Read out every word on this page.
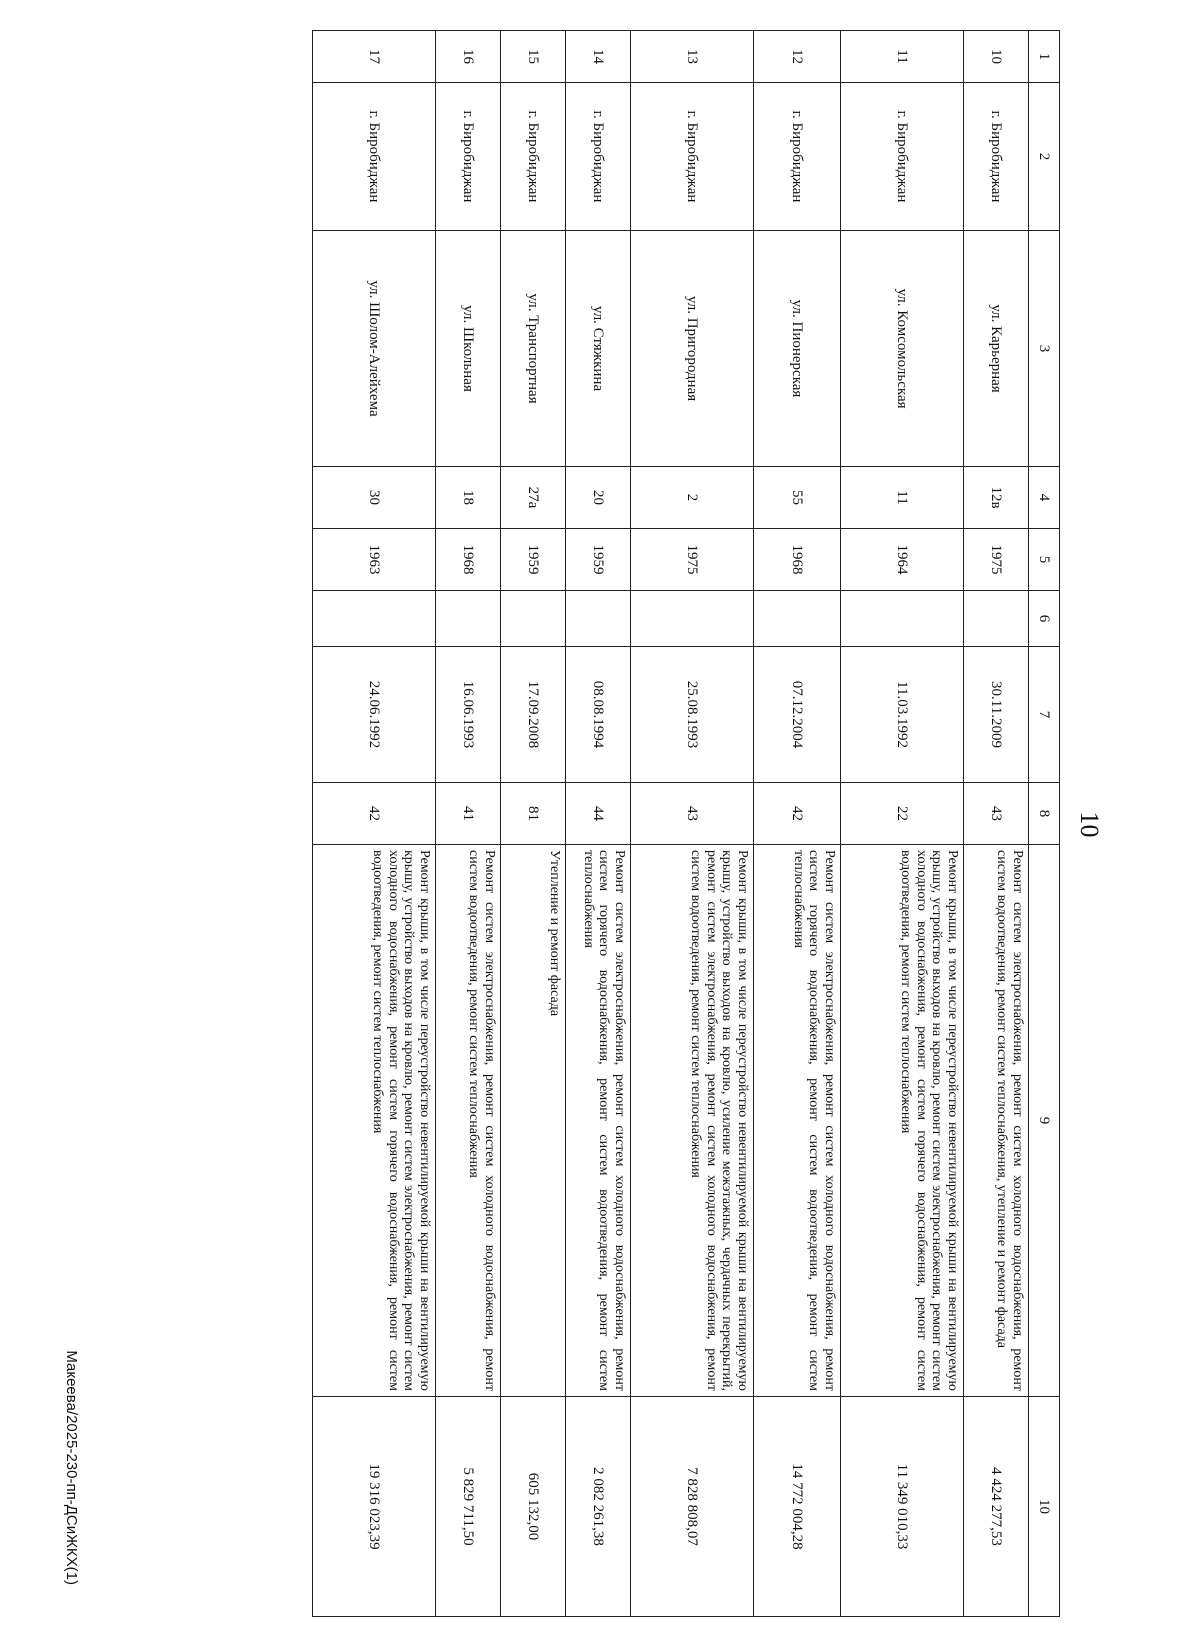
10
1	2	3	4	5	6	7	8	9	10
10	г. Биробиджан	ул. Карьерная	12в	1975		30.11.2009	43	Ремонт систем электроснабжения, ремонт систем холодного водоснабжения, ремонт систем водоотведения, ремонт систем теплоснабжения, утепление и ремонт фасада	4 424 277,53
11	г. Биробиджан	ул. Комсомольская	11	1964		11.03.1992	22	Ремонт крыши, в том числе переустройство невентилируемой крыши на вентилируемую крышу, устройство выходов на кровлю, ремонт систем электроснабжения, ремонт систем холодного водоснабжения, ремонт систем горячего водоснабжения, ремонт систем водоотведения, ремонт систем теплоснабжения	11 349 010,33
12	г. Биробиджан	ул. Пионерская	55	1968		07.12.2004	42	Ремонт систем электроснабжения, ремонт систем холодного водоснабжения, ремонт систем горячего водоснабжения, ремонт систем водоотведения, ремонт систем теплоснабжения	14 772 004,28
13	г. Биробиджан	ул. Пригородная	2	1975		25.08.1993	43	Ремонт крыши, в том числе переустройство невентилируемой крыши на вентилируемую крышу, устройство выходов на кровлю, усиление межэтажных, чердачных перекрытий, ремонт систем электроснабжения, ремонт систем холодного водоснабжения, ремонт систем водоотведения, ремонт систем теплоснабжения	7 828 808,07
14	г. Биробиджан	ул. Стяжкина	20	1959		08.08.1994	44	Ремонт систем электроснабжения, ремонт систем холодного водоснабжения, ремонт систем горячего водоснабжения, ремонт систем водоотведения, ремонт систем теплоснабжения	2 082 261,38
15	г. Биробиджан	ул. Транспортная	27а	1959		17.09.2008	81	Утепление и ремонт фасада	605 132,00
16	г. Биробиджан	ул. Школьная	18	1968		16.06.1993	41	Ремонт систем электроснабжения, ремонт систем холодного водоснабжения, ремонт систем водоотведения, ремонт систем теплоснабжения	5 829 711,50
17	г. Биробиджан	ул. Шолом-Алейхема	30	1963		24.06.1992	42	Ремонт крыши, в том числе переустройство невентилируемой крыши на вентилируемую крышу, устройство выходов на кровлю, ремонт систем электроснабжения, ремонт систем холодного водоснабжения, ремонт систем горячего водоснабжения, ремонт систем водоотведения, ремонт систем теплоснабжения	19 316 023,39
Макеева/2025-230-пп-ДСиЖКХ(1)
